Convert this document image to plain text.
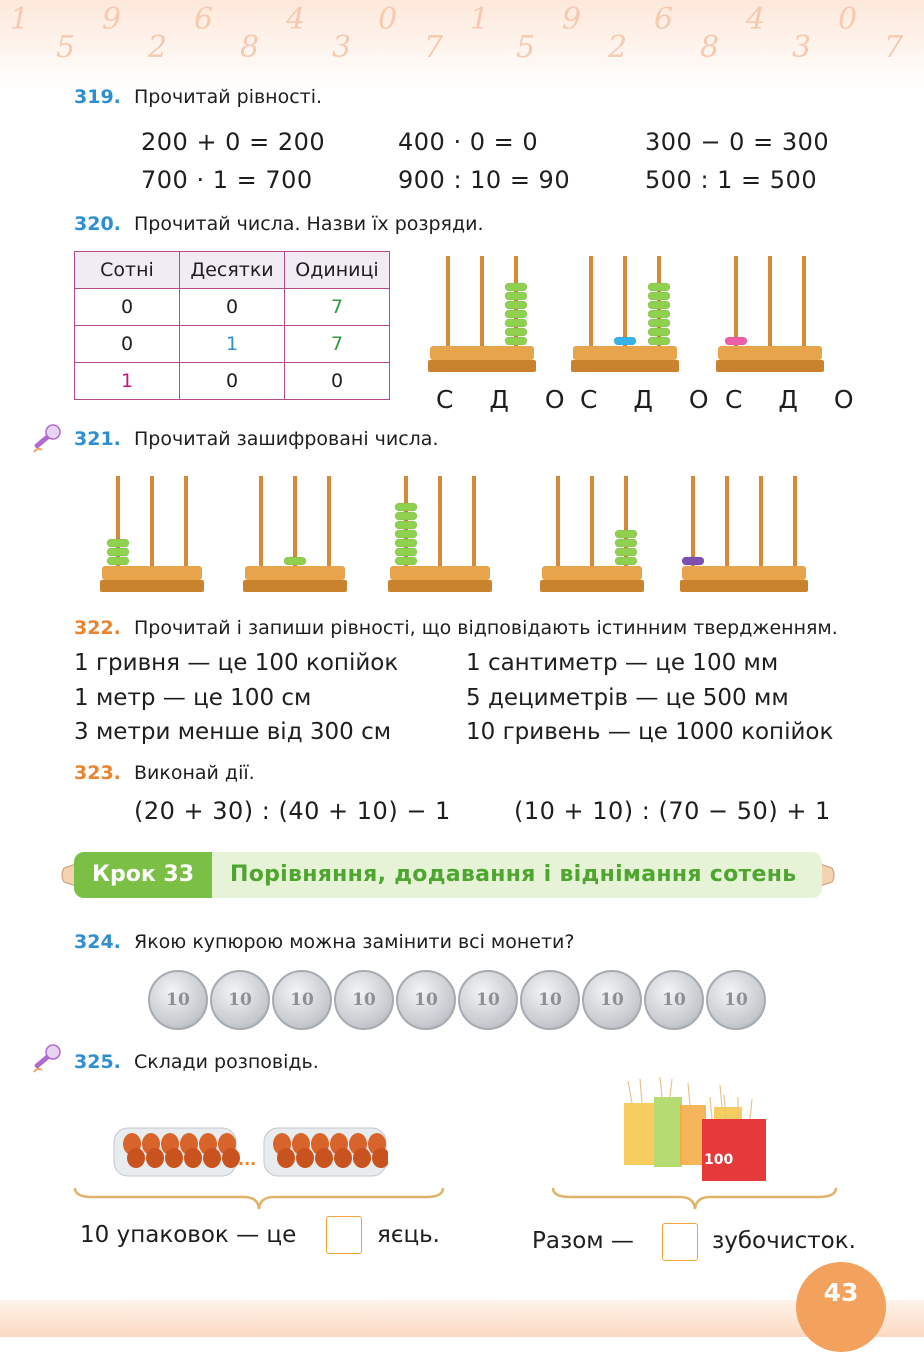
1
5
9
2
6
8
4
3
0
7
1
5
9
2
6
8
4
3
0
7
319. Прочитай рівності.
200 + 0 = 200	400 · 0 = 0	300 − 0 = 300
700 · 1 = 700	900 : 10 = 90	500 : 1 = 500
320. Прочитай числа. Назви їх розряди.
Сотні	Десятки	Одиниці
0	0	7
0	1	7
1	0	0
С Д О С Д О С Д О
321. Прочитай зашифровані числа.
322. Прочитай і запиши рівності, що відповідають істинним твердженням.
1 гривня — це 100 копійок	1 сантиметр — це 100 мм
1 метр — це 100 см	5 дециметрів — це 500 мм
3 метри менше від 300 см	10 гривень — це 1000 копійок
323. Виконай дії.
(20 + 30) : (40 + 10) − 1	(10 + 10) : (70 − 50) + 1
Крок 33	Порівняння, додавання і віднімання сотень
324. Якою купюрою можна замінити всі монети?
10	10	10	10	10	10	10	10	10	10
325. Склади розповідь.
...	100
10 упаковок — це	яєць.	Разом —	зубочисток.
43
